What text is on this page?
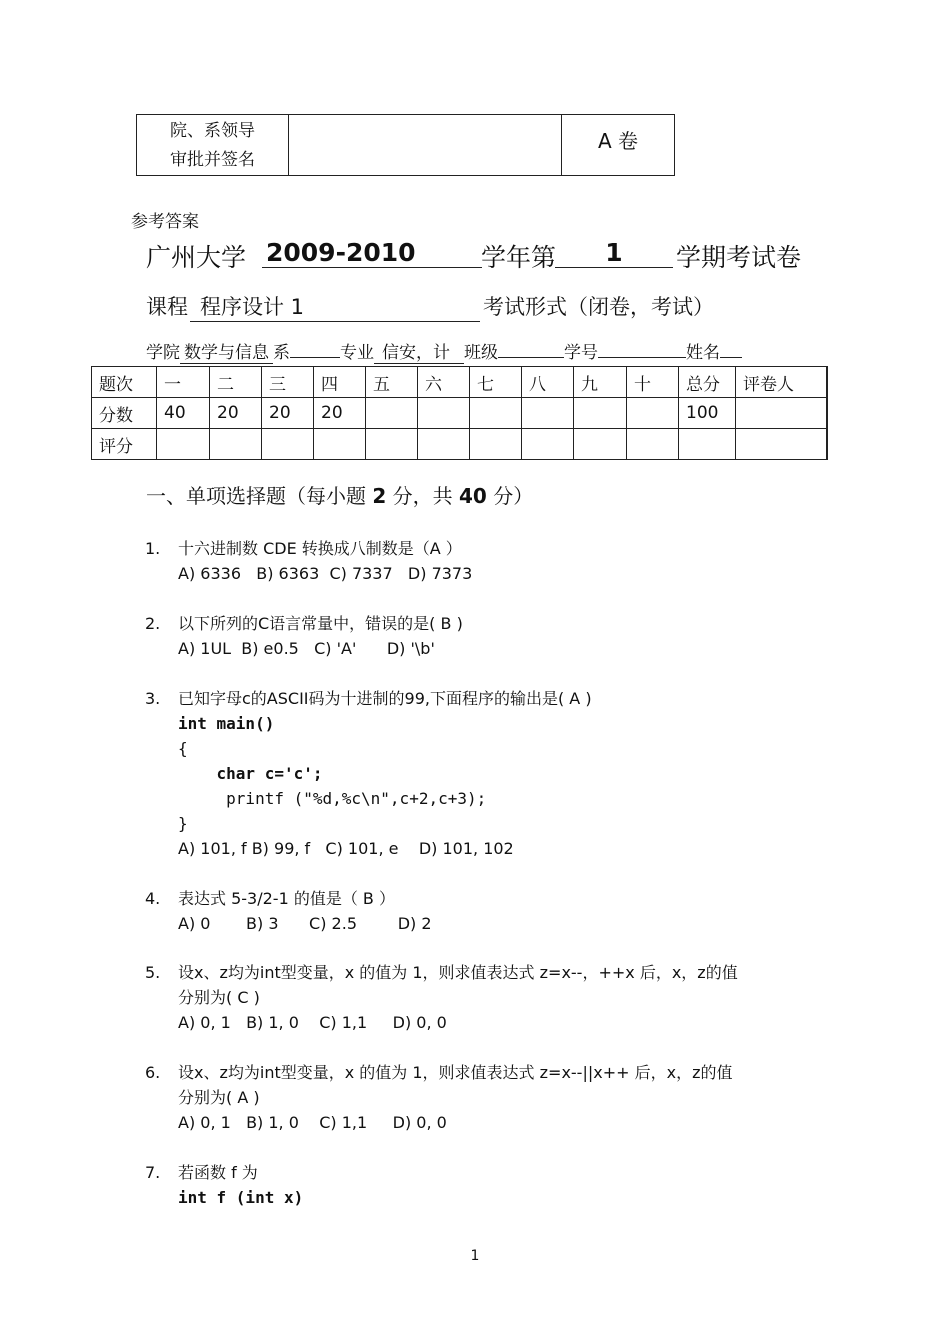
院、系领导
审批并签名
A 卷
参考答案
广州大学 2009-2010	学年第	1	学期考试卷
课程 程序设计 1	考试形式（闭卷，考试）
学院 数学与信息 系	专业 信安，计 班级	学号	姓名
题次	一	二	三	四	五	六	七	八	九	十	总分	评卷人
分数	40	20	20	20							100	
评分												
一、单项选择题（每小题 2 分，共 40 分）
1. 十六进制数 CDE 转换成八制数是（A ）
A) 6336   B) 6363  C) 7337   D) 7373
2. 以下所列的C语言常量中，错误的是( B )
A) 1UL  B) e0.5   C) 'A'      D) '\b'
3. 已知字母c的ASCII码为十进制的99,下面程序的输出是( A )
int main()
{
char c='c';
printf ("%d,%c\n",c+2,c+3);
}
A) 101, f B) 99, f   C) 101, e    D) 101, 102
4. 表达式 5-3/2-1 的值是（ B ）
A) 0       B) 3      C) 2.5        D) 2
5. 设x、z均为int型变量，x 的值为 1，则求值表达式 z=x--，++x 后，x，z的值
分别为( C )
A) 0, 1   B) 1, 0    C) 1,1     D) 0, 0
6. 设x、z均为int型变量，x 的值为 1，则求值表达式 z=x--||x++ 后，x，z的值
分别为( A )
A) 0, 1   B) 1, 0    C) 1,1     D) 0, 0
7. 若函数 f 为
int f (int x)
1
